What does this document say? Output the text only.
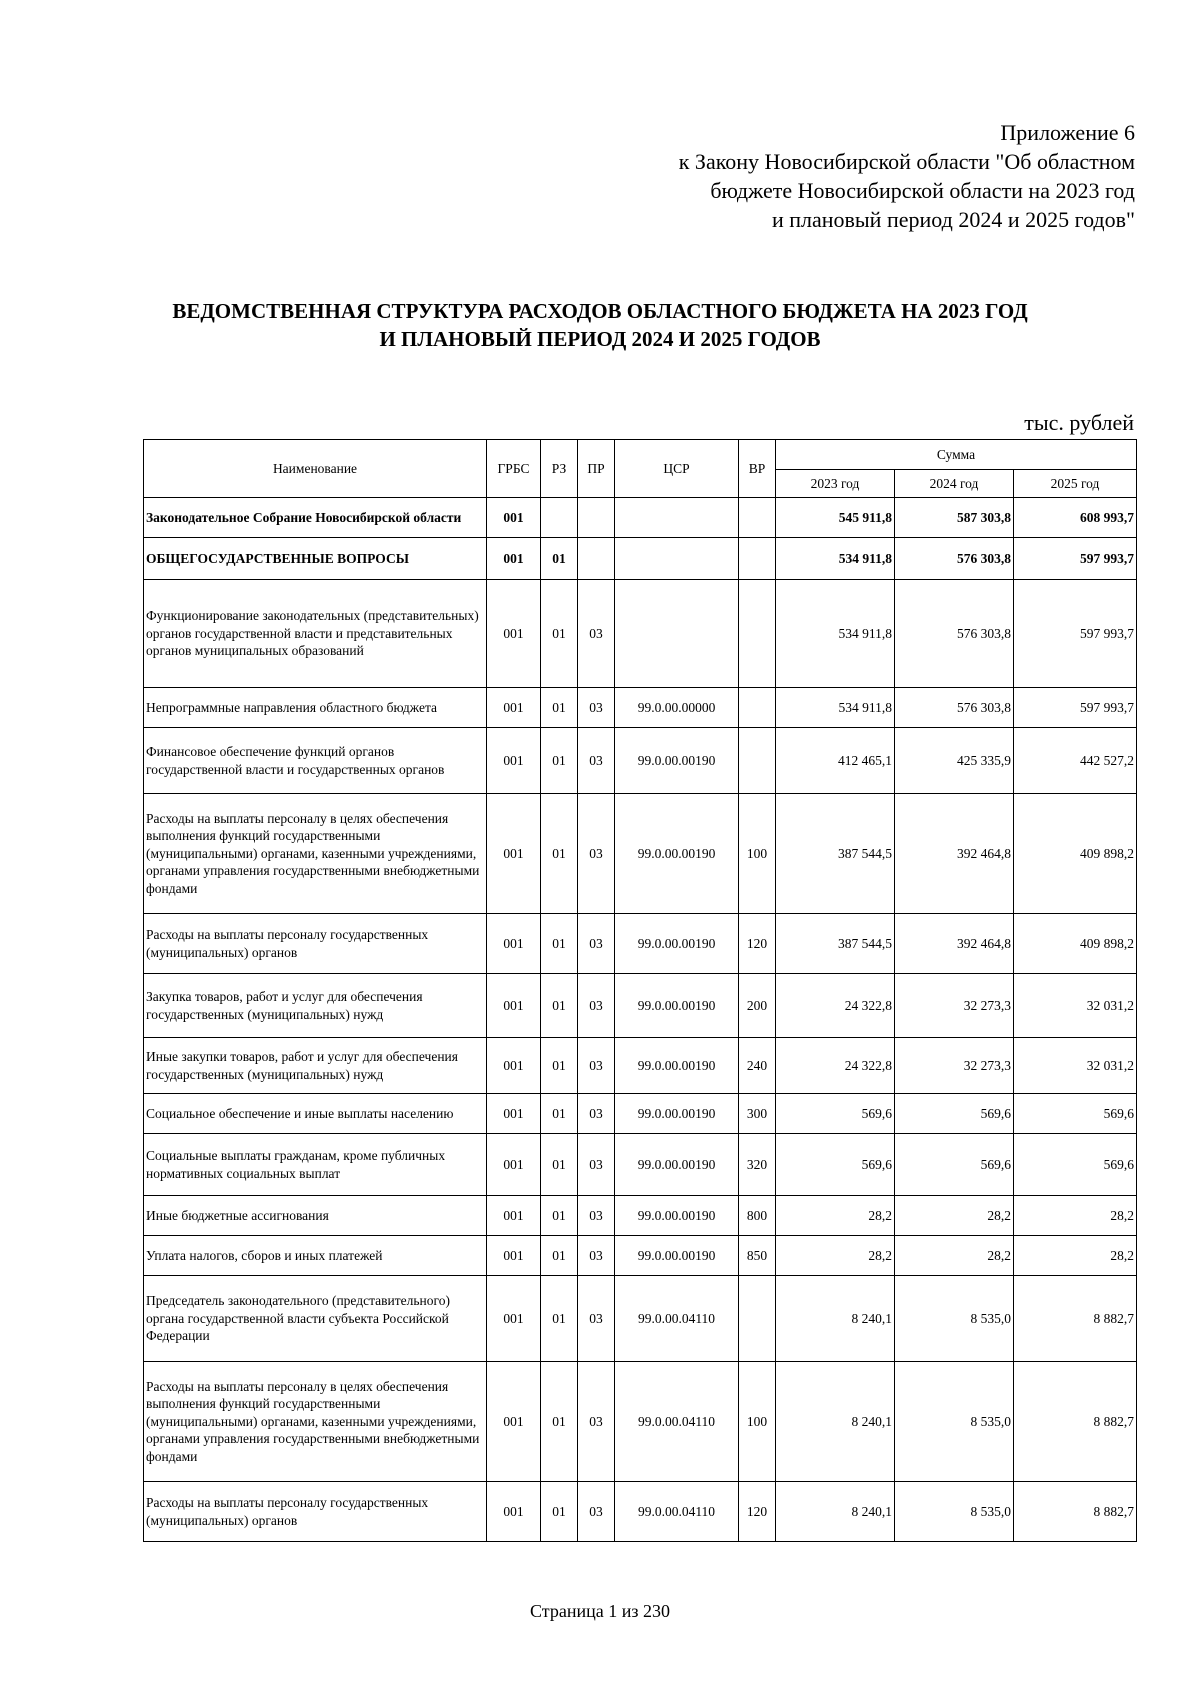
Приложение 6
к Закону Новосибирской области "Об областном
бюджете Новосибирской области на 2023 год
и плановый период 2024 и 2025 годов"
ВЕДОМСТВЕННАЯ СТРУКТУРА РАСХОДОВ ОБЛАСТНОГО БЮДЖЕТА НА 2023 ГОД
И ПЛАНОВЫЙ ПЕРИОД 2024 И 2025 ГОДОВ
тыс. рублей
Наименование	ГРБС	РЗ	ПР	ЦСР	ВР	Сумма		
						2023 год	2024 год	2025 год
Законодательное Собрание Новосибирской области	001					545 911,8	587 303,8	608 993,7
ОБЩЕГОСУДАРСТВЕННЫЕ ВОПРОСЫ	001	01				534 911,8	576 303,8	597 993,7
Функционирование законодательных (представительных) органов государственной власти и представительных органов муниципальных образований	001	01	03			534 911,8	576 303,8	597 993,7
Непрограммные направления областного бюджета	001	01	03	99.0.00.00000		534 911,8	576 303,8	597 993,7
Финансовое обеспечение функций органов государственной власти и государственных органов	001	01	03	99.0.00.00190		412 465,1	425 335,9	442 527,2
Расходы на выплаты персоналу в целях обеспечения выполнения функций государственными (муниципальными) органами, казенными учреждениями, органами управления государственными внебюджетными фондами	001	01	03	99.0.00.00190	100	387 544,5	392 464,8	409 898,2
Расходы на выплаты персоналу государственных (муниципальных) органов	001	01	03	99.0.00.00190	120	387 544,5	392 464,8	409 898,2
Закупка товаров, работ и услуг для обеспечения государственных (муниципальных) нужд	001	01	03	99.0.00.00190	200	24 322,8	32 273,3	32 031,2
Иные закупки товаров, работ и услуг для обеспечения государственных (муниципальных) нужд	001	01	03	99.0.00.00190	240	24 322,8	32 273,3	32 031,2
Социальное обеспечение и иные выплаты населению	001	01	03	99.0.00.00190	300	569,6	569,6	569,6
Социальные выплаты гражданам, кроме публичных нормативных социальных выплат	001	01	03	99.0.00.00190	320	569,6	569,6	569,6
Иные бюджетные ассигнования	001	01	03	99.0.00.00190	800	28,2	28,2	28,2
Уплата налогов, сборов и иных платежей	001	01	03	99.0.00.00190	850	28,2	28,2	28,2
Председатель законодательного (представительного) органа государственной власти субъекта Российской Федерации	001	01	03	99.0.00.04110		8 240,1	8 535,0	8 882,7
Расходы на выплаты персоналу в целях обеспечения выполнения функций государственными (муниципальными) органами, казенными учреждениями, органами управления государственными внебюджетными фондами	001	01	03	99.0.00.04110	100	8 240,1	8 535,0	8 882,7
Расходы на выплаты персоналу государственных (муниципальных) органов	001	01	03	99.0.00.04110	120	8 240,1	8 535,0	8 882,7
Страница 1 из 230
